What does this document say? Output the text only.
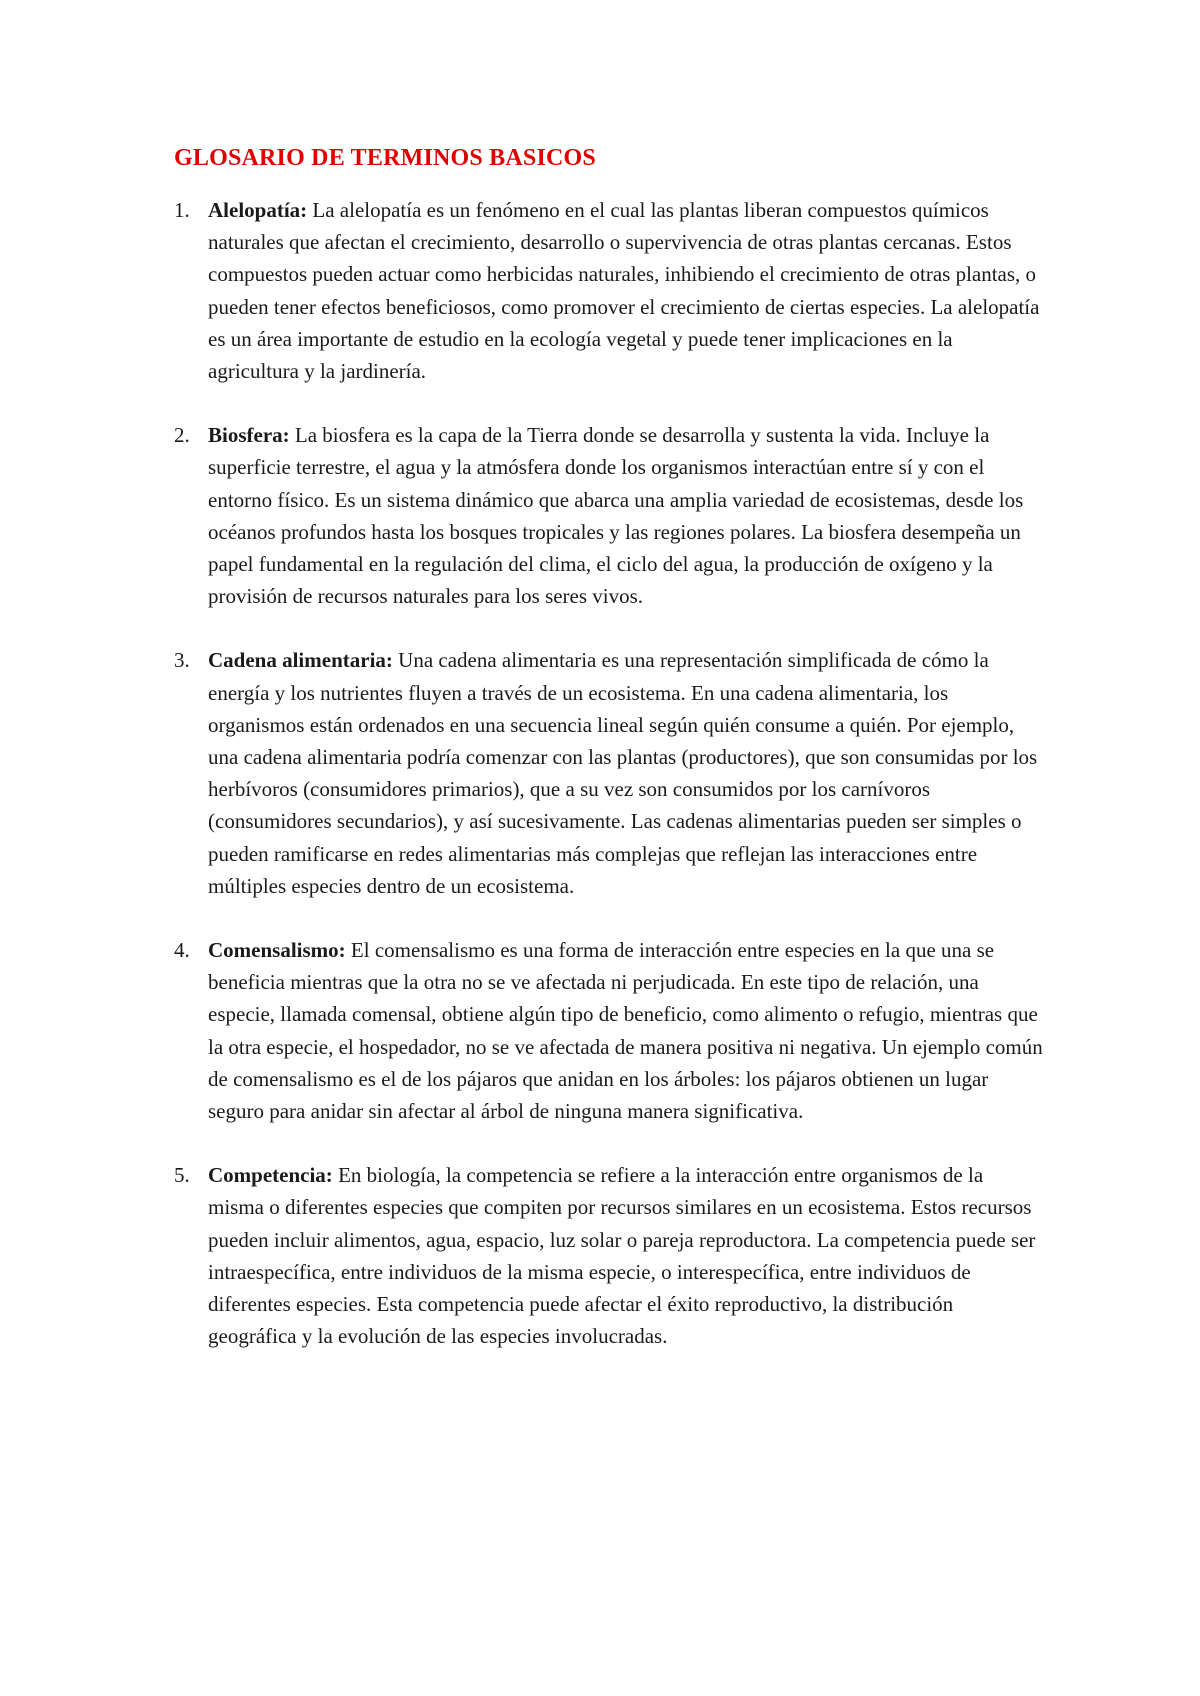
GLOSARIO DE TERMINOS BASICOS
1. Alelopatía: La alelopatía es un fenómeno en el cual las plantas liberan compuestos químicos naturales que afectan el crecimiento, desarrollo o supervivencia de otras plantas cercanas. Estos compuestos pueden actuar como herbicidas naturales, inhibiendo el crecimiento de otras plantas, o pueden tener efectos beneficiosos, como promover el crecimiento de ciertas especies. La alelopatía es un área importante de estudio en la ecología vegetal y puede tener implicaciones en la agricultura y la jardinería.
2. Biosfera: La biosfera es la capa de la Tierra donde se desarrolla y sustenta la vida. Incluye la superficie terrestre, el agua y la atmósfera donde los organismos interactúan entre sí y con el entorno físico. Es un sistema dinámico que abarca una amplia variedad de ecosistemas, desde los océanos profundos hasta los bosques tropicales y las regiones polares. La biosfera desempeña un papel fundamental en la regulación del clima, el ciclo del agua, la producción de oxígeno y la provisión de recursos naturales para los seres vivos.
3. Cadena alimentaria: Una cadena alimentaria es una representación simplificada de cómo la energía y los nutrientes fluyen a través de un ecosistema. En una cadena alimentaria, los organismos están ordenados en una secuencia lineal según quién consume a quién. Por ejemplo, una cadena alimentaria podría comenzar con las plantas (productores), que son consumidas por los herbívoros (consumidores primarios), que a su vez son consumidos por los carnívoros (consumidores secundarios), y así sucesivamente. Las cadenas alimentarias pueden ser simples o pueden ramificarse en redes alimentarias más complejas que reflejan las interacciones entre múltiples especies dentro de un ecosistema.
4. Comensalismo: El comensalismo es una forma de interacción entre especies en la que una se beneficia mientras que la otra no se ve afectada ni perjudicada. En este tipo de relación, una especie, llamada comensal, obtiene algún tipo de beneficio, como alimento o refugio, mientras que la otra especie, el hospedador, no se ve afectada de manera positiva ni negativa. Un ejemplo común de comensalismo es el de los pájaros que anidan en los árboles: los pájaros obtienen un lugar seguro para anidar sin afectar al árbol de ninguna manera significativa.
5. Competencia: En biología, la competencia se refiere a la interacción entre organismos de la misma o diferentes especies que compiten por recursos similares en un ecosistema. Estos recursos pueden incluir alimentos, agua, espacio, luz solar o pareja reproductora. La competencia puede ser intraespecífica, entre individuos de la misma especie, o interespecífica, entre individuos de diferentes especies. Esta competencia puede afectar el éxito reproductivo, la distribución geográfica y la evolución de las especies involucradas.
